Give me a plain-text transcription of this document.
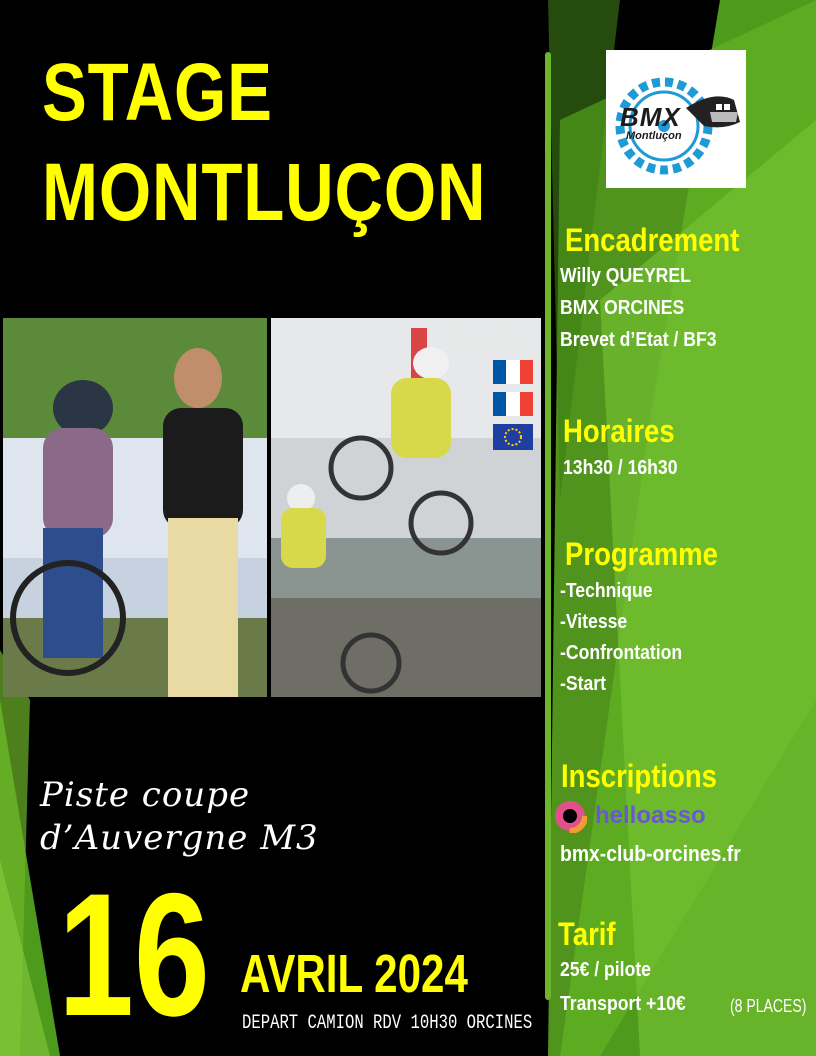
STAGE
MONTLUÇON
BMX
Montluçon
2023
Encadrement
Willy QUEYREL
BMX ORCINES
Brevet d’Etat / BF3
Horaires
13h30 / 16h30
Programme
-Technique
-Vitesse
-Confrontation
-Start
Inscriptions
helloasso
bmx-club-orcines.fr
Tarif
25€ / pilote
Transport +10€ (8 PLACES)
Piste coupe
d’Auvergne M3
16 AVRIL 2024
DEPART CAMION RDV 10H30 ORCINES
